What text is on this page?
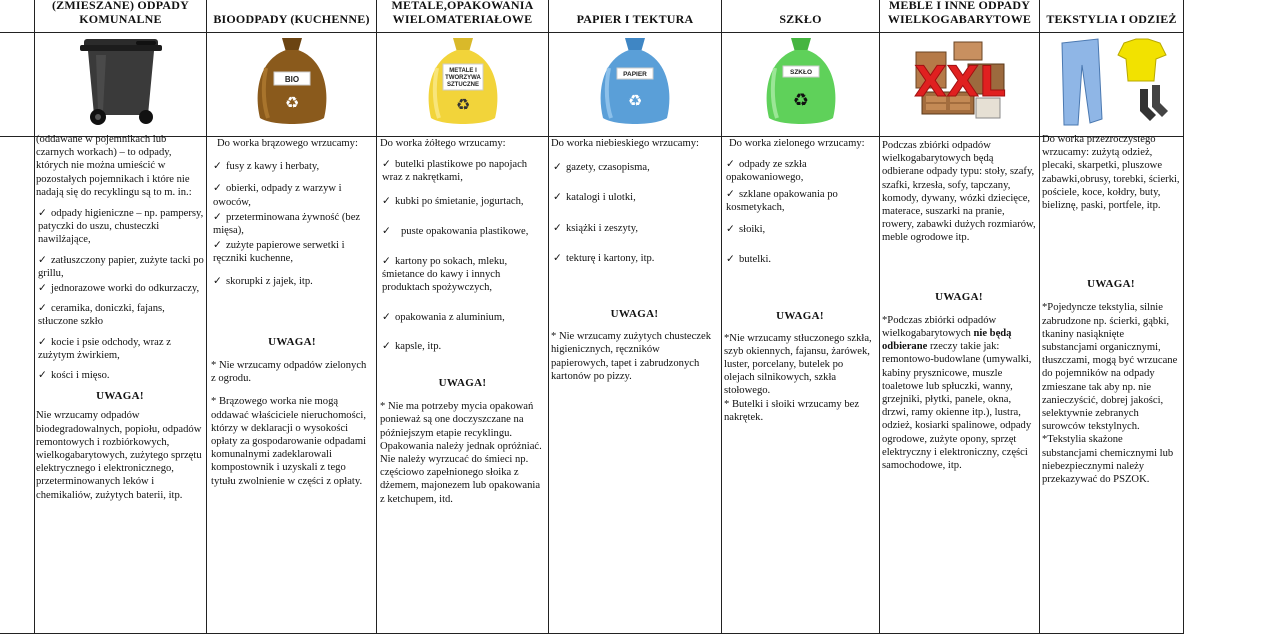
(ZMIESZANE) ODPADY
KOMUNALNE

(oddawane w pojemnikach lub czarnych workach) – to odpady, których nie można umieścić w pozostałych pojemnikach i które nie nadają się do recyklingu są to m. in.:

✓ odpady higieniczne – np. pampersy, patyczki do uszu, chusteczki nawilżające,

✓ zatłuszczony papier, zużyte tacki po grillu,

✓ jednorazowe worki do odkurzaczy,

✓ ceramika, doniczki, fajans, stłuczone szkło

✓ kocie i psie odchody, wraz z zużytym żwirkiem,

✓ kości i mięso.

UWAGA!

Nie wrzucamy odpadów biodegradowalnych, popiołu, odpadów remontowych i rozbiórkowych, wielkogabarytowych, zużytego sprzętu elektrycznego i elektronicznego, przeterminowanych leków i chemikaliów, zużytych baterii, itp.

BIOODPADY (KUCHENNE)
BIO
♻

Do worka brązowego wrzucamy:

✓ fusy z kawy i herbaty,

✓ obierki, odpady z warzyw i owoców,

✓ przeterminowana żywność (bez mięsa),

✓ zużyte papierowe serwetki i ręczniki kuchenne,

✓ skorupki z jajek, itp.

UWAGA!

* Nie wrzucamy odpadów zielonych z ogrodu.

* Brązowego worka nie mogą oddawać właściciele nieruchomości, którzy w deklaracji o wysokości opłaty za gospodarowanie odpadami komunalnymi zadeklarowali kompostownik i uzyskali z tego tytułu zwolnienie w części z opłaty.

METALE,OPAKOWANIA
WIELOMATERIAŁOWE
METALE I
TWORZYWA
SZTUCZNE
♻

Do worka żółtego wrzucamy:

✓ butelki plastikowe po napojach wraz z nakrętkami,

✓ kubki po śmietanie, jogurtach,

✓ puste opakowania plastikowe,

✓ kartony po sokach, mleku, śmietance do kawy i innych produktach spożywczych,

✓ opakowania z aluminium,

✓ kapsle, itp.

UWAGA!

* Nie ma potrzeby mycia opakowań ponieważ są one doczyszczane na późniejszym etapie recyklingu. Opakowania należy jednak opróżniać. Nie należy wyrzucać do śmieci np. częściowo zapełnionego słoika z dżemem, majonezem lub opakowania z ketchupem, itd.

PAPIER I TEKTURA
PAPIER
♻

Do worka niebieskiego wrzucamy:

✓ gazety, czasopisma,

✓ katalogi i ulotki,

✓ książki i zeszyty,

✓ tekturę i kartony, itp.

UWAGA!

* Nie wrzucamy zużytych chusteczek higienicznych, ręczników papierowych, tapet i zabrudzonych kartonów po pizzy.

SZKŁO
SZKŁO
♻

Do worka zielonego wrzucamy:

✓ odpady ze szkła opakowaniowego,

✓ szklane opakowania po kosmetykach,

✓ słoiki,

✓ butelki.

UWAGA!

*Nie wrzucamy stłuczonego szkła, szyb okiennych, fajansu, żarówek, luster, porcelany, butelek po olejach silnikowych, szkła stołowego.

* Butelki i słoiki wrzucamy bez nakrętek.

MEBLE I INNE ODPADY
WIELKOGABARYTOWE
XXL

Podczas zbiórki odpadów wielkogabarytowych będą odbierane odpady typu: stoły, szafy, szafki, krzesła, sofy, tapczany, komody, dywany, wózki dziecięce, materace, suszarki na pranie, rowery, zabawki dużych rozmiarów, meble ogrodowe itp.

UWAGA!

*Podczas zbiórki odpadów wielkogabarytowych nie będą odbierane rzeczy takie jak: remontowo-budowlane (umywalki, kabiny prysznicowe, muszle toaletowe lub spłuczki, wanny, grzejniki, płytki, panele, okna, drzwi, ramy okienne itp.), lustra, odzież, kosiarki spalinowe, odpady ogrodowe, zużyte opony, sprzęt elektryczny i elektroniczny, części samochodowe, itp.

TEKSTYLIA I ODZIEŻ

Do worka przezroczystego wrzucamy: zużytą odzież, plecaki, skarpetki, pluszowe zabawki,obrusy, torebki, ścierki, pościele, koce, kołdry, buty, bieliznę, paski, portfele, itp.

UWAGA!

*Pojedyncze tekstylia, silnie zabrudzone np. ścierki, gąbki, tkaniny nasiąknięte substancjami organicznymi, tłuszczami, mogą być wrzucane do pojemników na odpady zmieszane tak aby np. nie zanieczyścić, dobrej jakości, selektywnie zebranych surowców tekstylnych.

*Tekstylia skażone substancjami chemicznymi lub niebezpiecznymi należy przekazywać do PSZOK.
